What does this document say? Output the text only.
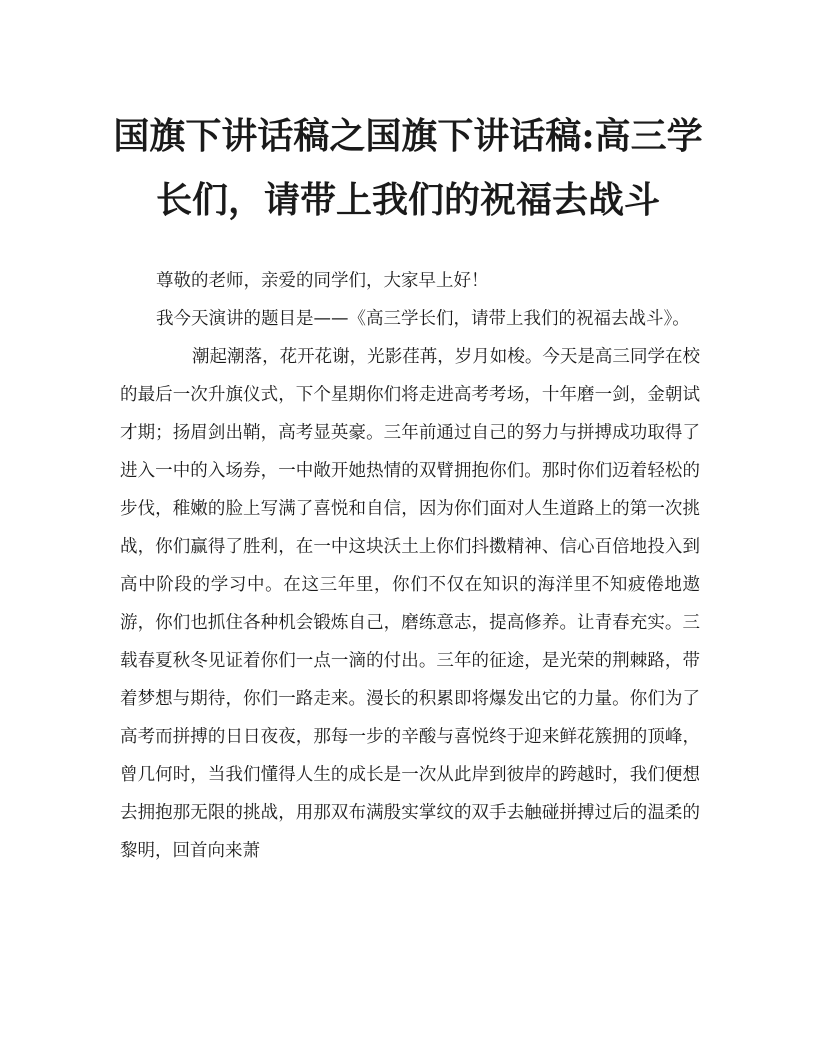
国旗下讲话稿之国旗下讲话稿:高三学
长们，请带上我们的祝福去战斗

尊敬的老师，亲爱的同学们，大家早上好！

我今天演讲的题目是——《高三学长们，请带上我们的祝福去战斗》。

潮起潮落，花开花谢，光影荏苒，岁月如梭。今天是高三同学在校的最后一次升旗仪式，下个星期你们将走进高考考场，十年磨一剑，金朝试才期；扬眉剑出鞘，高考显英豪。三年前通过自己的努力与拼搏成功取得了进入一中的入场券，一中敞开她热情的双臂拥抱你们。那时你们迈着轻松的步伐，稚嫩的脸上写满了喜悦和自信，因为你们面对人生道路上的第一次挑战，你们赢得了胜利，在一中这块沃土上你们抖擞精神、信心百倍地投入到高中阶段的学习中。在这三年里，你们不仅在知识的海洋里不知疲倦地遨游，你们也抓住各种机会锻炼自己，磨练意志，提高修养。让青春充实。三载春夏秋冬见证着你们一点一滴的付出。三年的征途，是光荣的荆棘路，带着梦想与期待，你们一路走来。漫长的积累即将爆发出它的力量。你们为了高考而拼搏的日日夜夜，那每一步的辛酸与喜悦终于迎来鲜花簇拥的顶峰，曾几何时，当我们懂得人生的成长是一次从此岸到彼岸的跨越时，我们便想去拥抱那无限的挑战，用那双布满殷实掌纹的双手去触碰拼搏过后的温柔的黎明，回首向来萧
